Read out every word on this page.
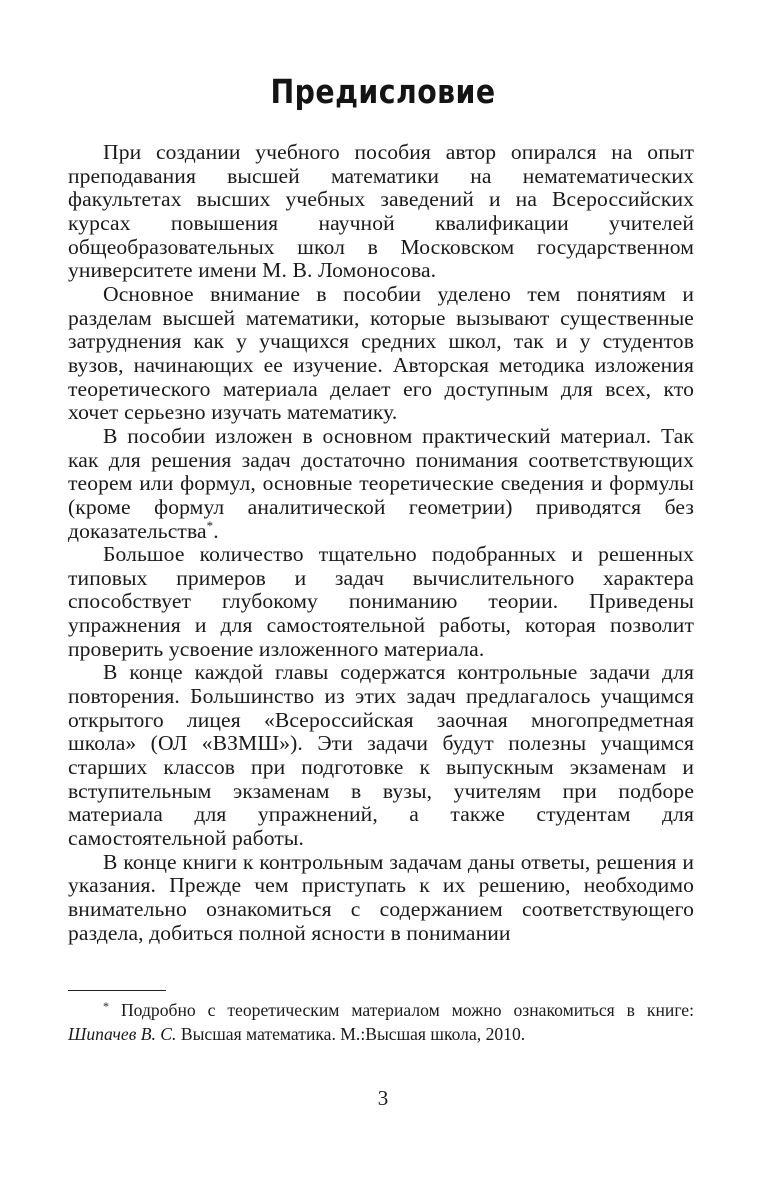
Предисловие

При создании учебного пособия автор опирался на опыт преподавания высшей математики на нематематических факультетах высших учебных заведений и на Всероссийских курсах повышения научной квалификации учителей общеобразовательных школ в Московском государственном университете имени М. В. Ломоносова.

Основное внимание в пособии уделено тем понятиям и разделам высшей математики, которые вызывают существенные затруднения как у учащихся средних школ, так и у студентов вузов, начинающих ее изучение. Авторская методика изложения теоретического материала делает его доступным для всех, кто хочет серьезно изучать математику.

В пособии изложен в основном практический материал. Так как для решения задач достаточно понимания соответствующих теорем или формул, основные теоретические сведения и формулы (кроме формул аналитической геометрии) приводятся без доказательства*.

Большое количество тщательно подобранных и решенных типовых примеров и задач вычислительного характера способствует глубокому пониманию теории. Приведены упражнения и для самостоятельной работы, которая позволит проверить усвоение изложенного материала.

В конце каждой главы содержатся контрольные задачи для повторения. Большинство из этих задач предлагалось учащимся открытого лицея «Всероссийская заочная многопредметная школа» (ОЛ «ВЗМШ»). Эти задачи будут полезны учащимся старших классов при подготовке к выпускным экзаменам и вступительным экзаменам в вузы, учителям при подборе материала для упражнений, а также студентам для самостоятельной работы.

В конце книги к контрольным задачам даны ответы, решения и указания. Прежде чем приступать к их решению, необходимо внимательно ознакомиться с содержанием соответствующего раздела, добиться полной ясности в понимании

* Подробно с теоретическим материалом можно ознакомиться в книге: Шипачев В. С. Высшая математика. М.:Высшая школа, 2010.

3
